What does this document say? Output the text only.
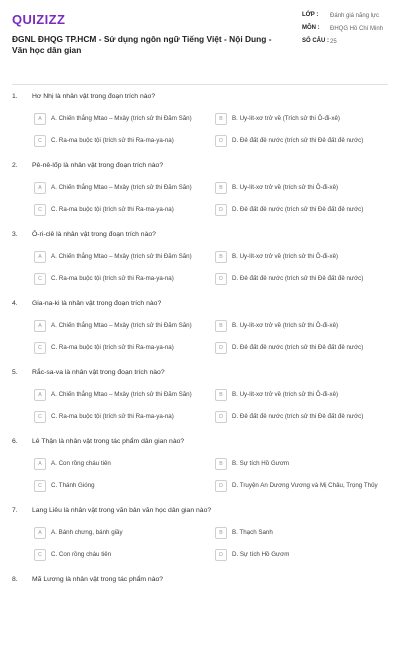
QUIZIZZ
ĐGNL ĐHQG TP.HCM - Sử dụng ngôn ngữ Tiếng Việt - Nội Dung - Văn học dân gian
LỚP :	Đánh giá năng lực
MÔN :	ĐHQG Hồ Chí Minh
SỐ CÂU : 25
1. Hơ Nhị là nhân vật trong đoạn trích nào?
A	A. Chiến thắng Mtao – Mxây (trích sử thi Đăm Săn)	B	B. Uy-lít-xơ trở về (Trích sử thi Ô-đi-xê)
C	C. Ra-ma buộc tội (trích sử thi Ra-ma-ya-na)	D	D. Đẻ đất đẻ nước (trích sử thi Đẻ đất đẻ nước)
2. Pê-nê-lốp là nhân vật trong đoạn trích nào?
A	A. Chiến thắng Mtao – Mxây (trích sử thi Đăm Săn)	B	B. Uy-lít-xơ trở về (trích sử thi Ô-đi-xê)
C	C. Ra-ma buộc tội (trích sử thi Ra-ma-ya-na)	D	D. Đẻ đất đẻ nước (trích sử thi Đẻ đất đẻ nước)
3. Ô-ri-clê là nhân vật trong đoạn trích nào?
A	A. Chiến thắng Mtao – Mxây (trích sử thi Đăm Săn)	B	B. Uy-lít-xơ trở về (trích sử thi Ô-đi-xê)
C	C. Ra-ma buộc tội (trích sử thi Ra-ma-ya-na)	D	D. Đẻ đất đẻ nước (trích sử thi Đẻ đất đẻ nước)
4. Gia-na-ki là nhân vật trong đoạn trích nào?
A	A. Chiến thắng Mtao – Mxây (trích sử thi Đăm Săn)	B	B. Uy-lít-xơ trở về (trích sử thi Ô-đi-xê)
C	C. Ra-ma buộc tội (trích sử thi Ra-ma-ya-na)	D	D. Đẻ đất đẻ nước (trích sử thi Đẻ đất đẻ nước)
5. Rắc-sa-va là nhân vật trong đoạn trích nào?
A	A. Chiến thắng Mtao – Mxây (trích sử thi Đăm Săn)	B	B. Uy-lít-xơ trở về (trích sử thi Ô-đi-xê)
C	C. Ra-ma buộc tội (trích sử thi Ra-ma-ya-na)	D	D. Đẻ đất đẻ nước (trích sử thi Đẻ đất đẻ nước)
6. Lê Thận là nhân vật trong tác phẩm dân gian nào?
A	A. Con rồng cháu tiên	B	B. Sự tích Hồ Gươm
C	C. Thánh Gióng	D	D. Truyện An Dương Vương và Mị Châu, Trọng Thủy
7. Lang Liêu là nhân vật trong văn bản văn học dân gian nào?
A	A. Bánh chưng, bánh giầy	B	B. Thạch Sanh
C	C. Con rồng cháu tiên	D	D. Sự tích Hồ Gươm
8. Mã Lương là nhân vật trong tác phẩm nào?
